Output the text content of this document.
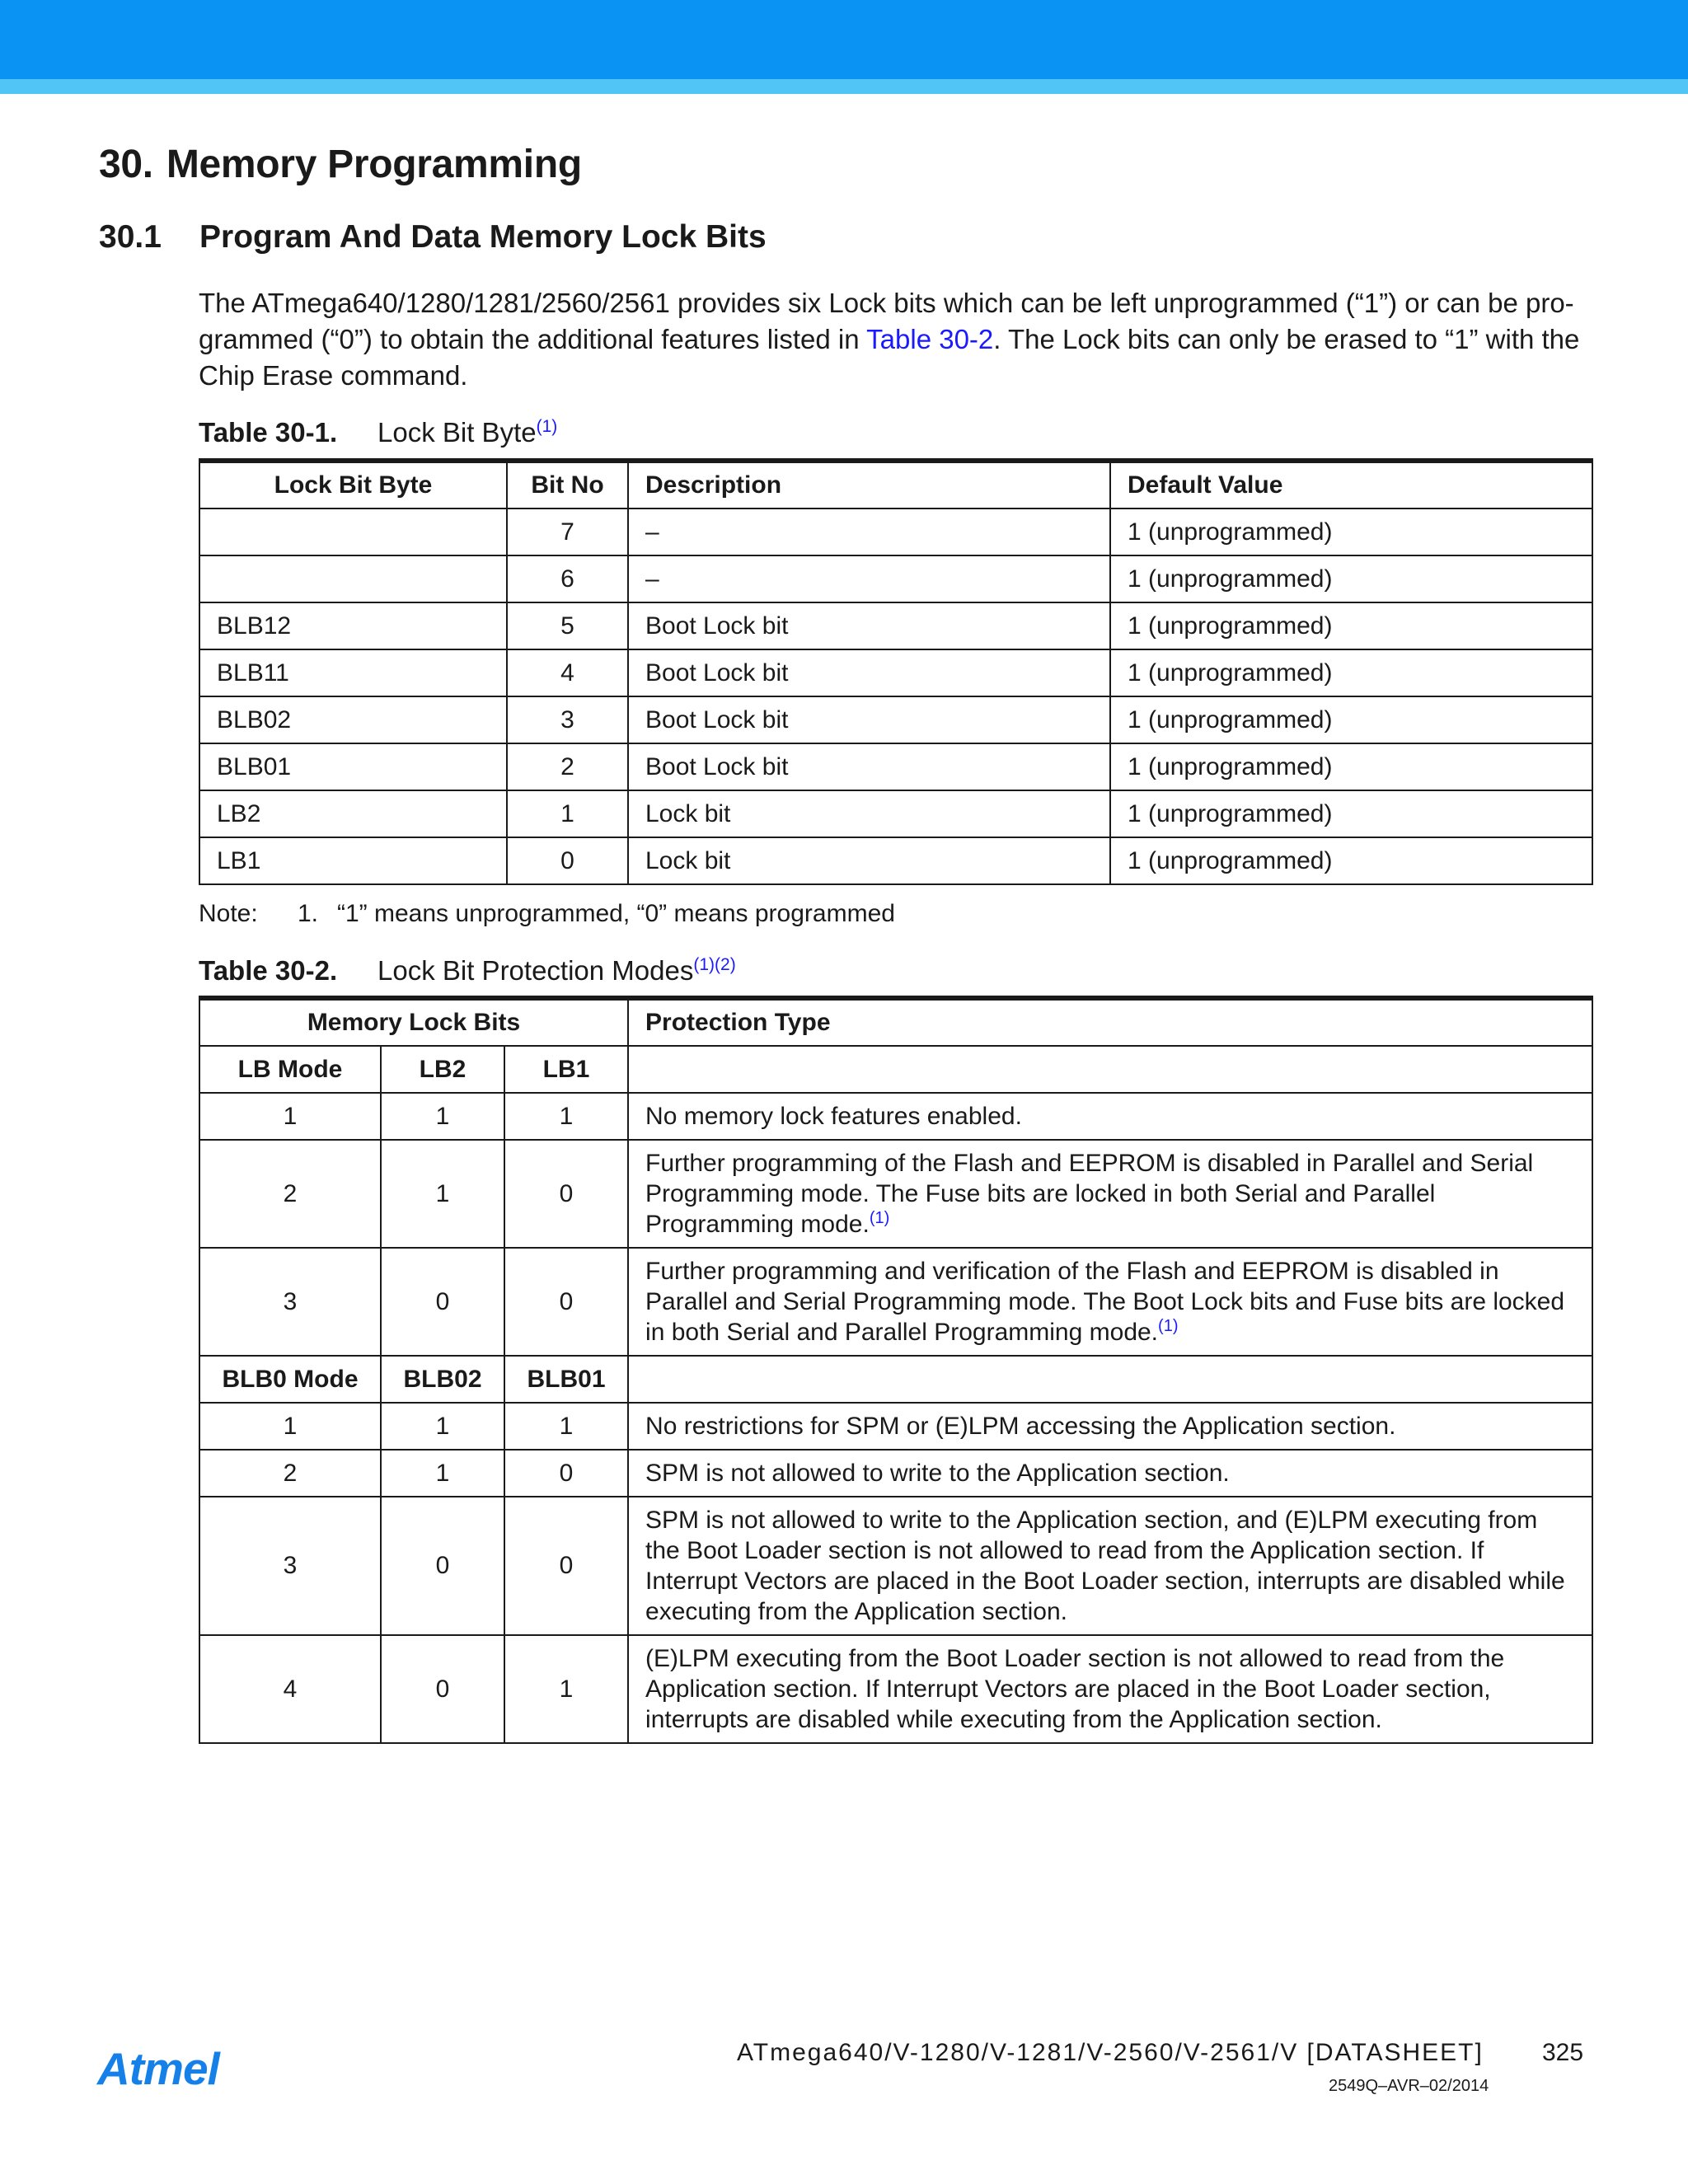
30. Memory Programming
30.1 Program And Data Memory Lock Bits
The ATmega640/1280/1281/2560/2561 provides six Lock bits which can be left unprogrammed (“1”) or can be pro-grammed (“0”) to obtain the additional features listed in Table 30-2. The Lock bits can only be erased to “1” with the Chip Erase command.
Table 30-1. Lock Bit Byte$^{(1)}$
Lock Bit Byte	Bit No	Description	Default Value
	7	–	1 (unprogrammed)
	6	–	1 (unprogrammed)
BLB12	5	Boot Lock bit	1 (unprogrammed)
BLB11	4	Boot Lock bit	1 (unprogrammed)
BLB02	3	Boot Lock bit	1 (unprogrammed)
BLB01	2	Boot Lock bit	1 (unprogrammed)
LB2	1	Lock bit	1 (unprogrammed)
LB1	0	Lock bit	1 (unprogrammed)
Note: 1. “1” means unprogrammed, “0” means programmed
Table 30-2. Lock Bit Protection Modes$^{(1)(2)}$
Memory Lock Bits			Protection Type
LB Mode	LB2	LB1	
1	1	1	No memory lock features enabled.
2	1	0	Further programming of the Flash and EEPROM is disabled in Parallel and Serial Programming mode. The Fuse bits are locked in both Serial and Parallel Programming mode.$^{(1)}$
3	0	0	Further programming and verification of the Flash and EEPROM is disabled in Parallel and Serial Programming mode. The Boot Lock bits and Fuse bits are locked in both Serial and Parallel Programming mode.$^{(1)}$
BLB0 Mode	BLB02	BLB01	
1	1	1	No restrictions for SPM or (E)LPM accessing the Application section.
2	1	0	SPM is not allowed to write to the Application section.
3	0	0	SPM is not allowed to write to the Application section, and (E)LPM executing from the Boot Loader section is not allowed to read from the Application section. If Interrupt Vectors are placed in the Boot Loader section, interrupts are disabled while executing from the Application section.
4	0	1	(E)LPM executing from the Boot Loader section is not allowed to read from the Application section. If Interrupt Vectors are placed in the Boot Loader section, interrupts are disabled while executing from the Application section.
Atmel	ATmega640/V-1280/V-1281/V-2560/V-2561/V [DATASHEET] 325
2549Q–AVR–02/2014
